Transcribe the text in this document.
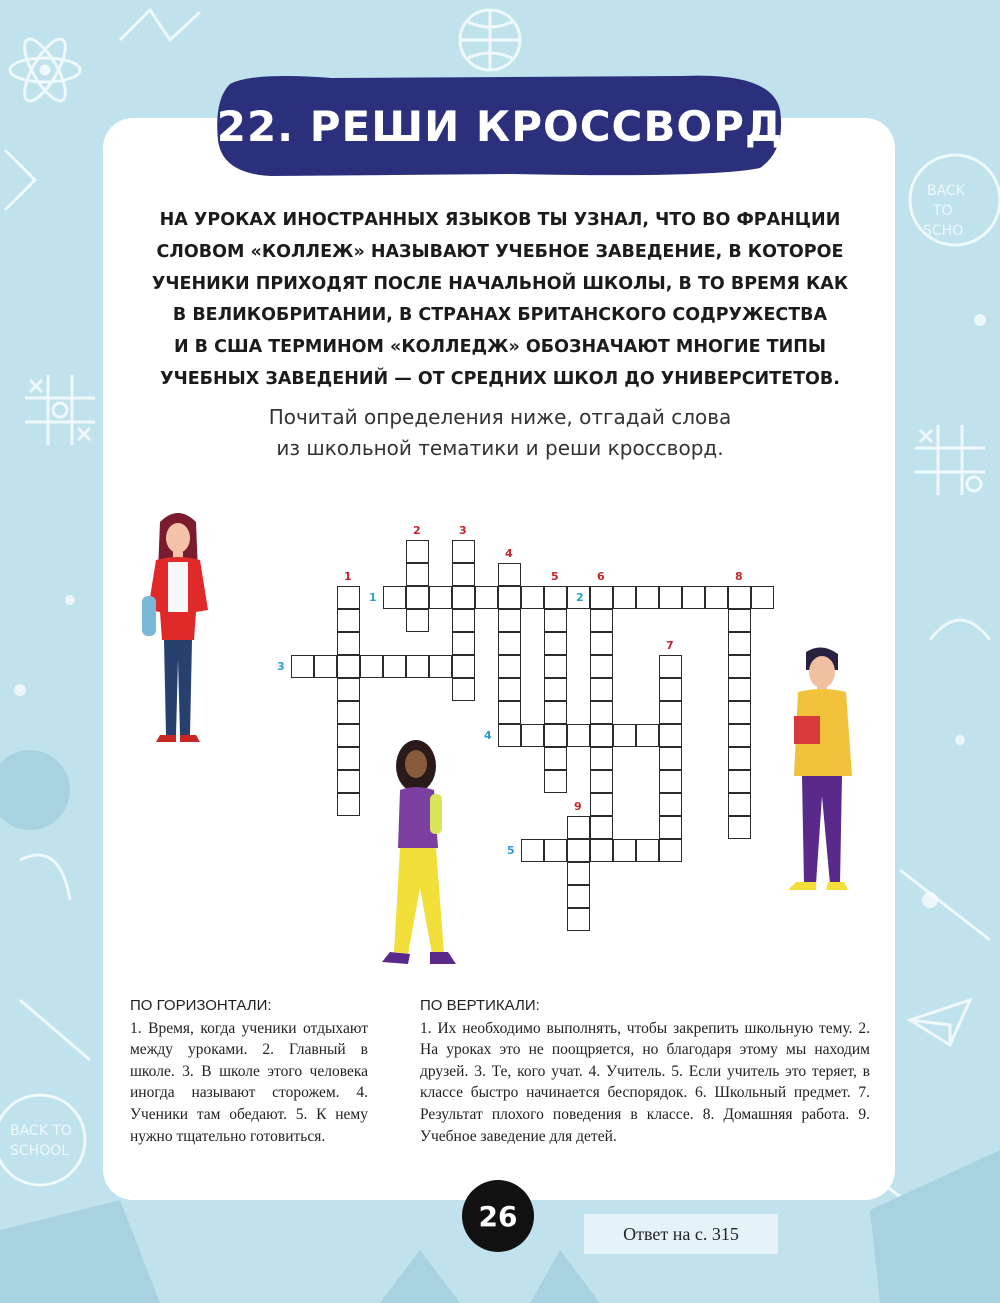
BACK
TO
SCHO
BACK TO
SCHOOL
22. РЕШИ КРОССВОРД
НА УРОКАХ ИНОСТРАННЫХ ЯЗЫКОВ ТЫ УЗНАЛ, ЧТО ВО ФРАНЦИИ
СЛОВОМ «КОЛЛЕЖ» НАЗЫВАЮТ УЧЕБНОЕ ЗАВЕДЕНИЕ, В КОТОРОЕ
УЧЕНИКИ ПРИХОДЯТ ПОСЛЕ НАЧАЛЬНОЙ ШКОЛЫ, В ТО ВРЕМЯ КАК
В ВЕЛИКОБРИТАНИИ, В СТРАНАХ БРИТАНСКОГО СОДРУЖЕСТВА
И В США ТЕРМИНОМ «КОЛЛЕДЖ» ОБОЗНАЧАЮТ МНОГИЕ ТИПЫ
УЧЕБНЫХ ЗАВЕДЕНИЙ — ОТ СРЕДНИХ ШКОЛ ДО УНИВЕРСИТЕТОВ.
Почитай определения ниже, отгадай слова
из школьной тематики и реши кроссворд.
1
2	3
4
5	6
7
8
9
1	2
3
4
5
ПО ГОРИЗОНТАЛИ:
1. Время, когда ученики отдыхают между уроками. 2. Главный в школе. 3. В школе этого человека иногда называют сторожем. 4. Ученики там обедают. 5. К нему нужно тщательно готовиться.
ПО ВЕРТИКАЛИ:
1. Их необходимо выполнять, чтобы закрепить школьную тему. 2. На уроках это не поощряется, но благодаря этому мы находим друзей. 3. Те, кого учат. 4. Учитель. 5. Если учитель это теряет, в классе быстро начинается беспорядок. 6. Школьный предмет. 7. Результат плохого поведения в классе. 8. Домашняя работа. 9. Учебное заведение для детей.
26
Ответ на с. 315
